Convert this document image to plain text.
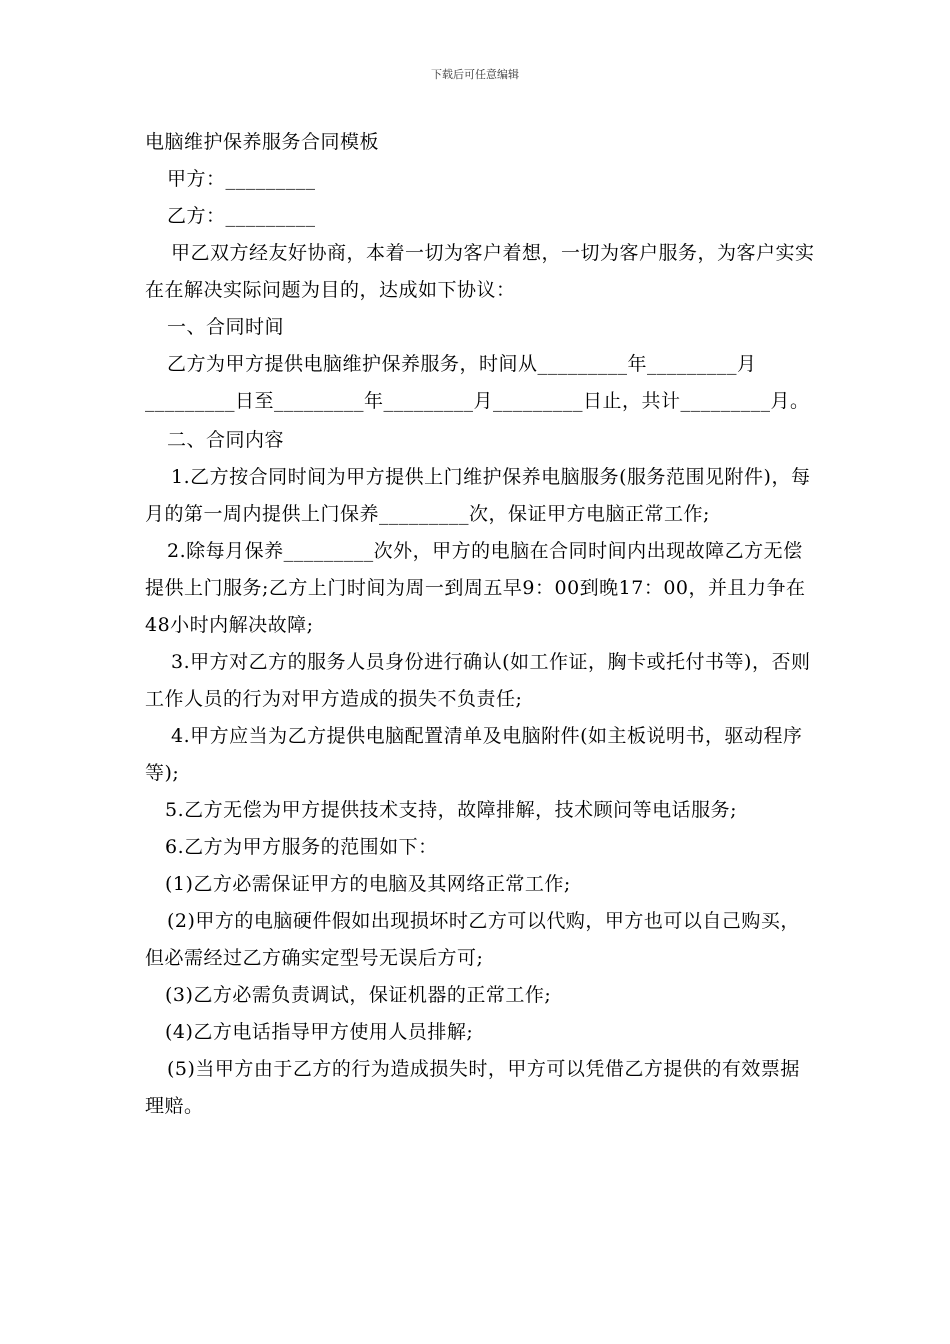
下载后可任意编辑

电脑维护保养服务合同模板

甲方：_________

乙方：_________

甲乙双方经友好协商，本着一切为客户着想，一切为客户服务，为客户实实在在解决实际问题为目的，达成如下协议：

一、合同时间

乙方为甲方提供电脑维护保养服务，时间从_________年_________月_________日至_________年_________月_________日止，共计_________月。

二、合同内容

1.乙方按合同时间为甲方提供上门维护保养电脑服务(服务范围见附件)，每月的第一周内提供上门保养_________次，保证甲方电脑正常工作;

2.除每月保养_________次外，甲方的电脑在合同时间内出现故障乙方无偿提供上门服务;乙方上门时间为周一到周五早9：00到晚17：00，并且力争在48小时内解决故障;

3.甲方对乙方的服务人员身份进行确认(如工作证，胸卡或托付书等)，否则工作人员的行为对甲方造成的损失不负责任;

4.甲方应当为乙方提供电脑配置清单及电脑附件(如主板说明书，驱动程序等);

5.乙方无偿为甲方提供技术支持，故障排解，技术顾问等电话服务;

6.乙方为甲方服务的范围如下：

(1)乙方必需保证甲方的电脑及其网络正常工作;

(2)甲方的电脑硬件假如出现损坏时乙方可以代购，甲方也可以自己购买，但必需经过乙方确实定型号无误后方可;

(3)乙方必需负责调试，保证机器的正常工作;

(4)乙方电话指导甲方使用人员排解;

(5)当甲方由于乙方的行为造成损失时，甲方可以凭借乙方提供的有效票据理赔。
